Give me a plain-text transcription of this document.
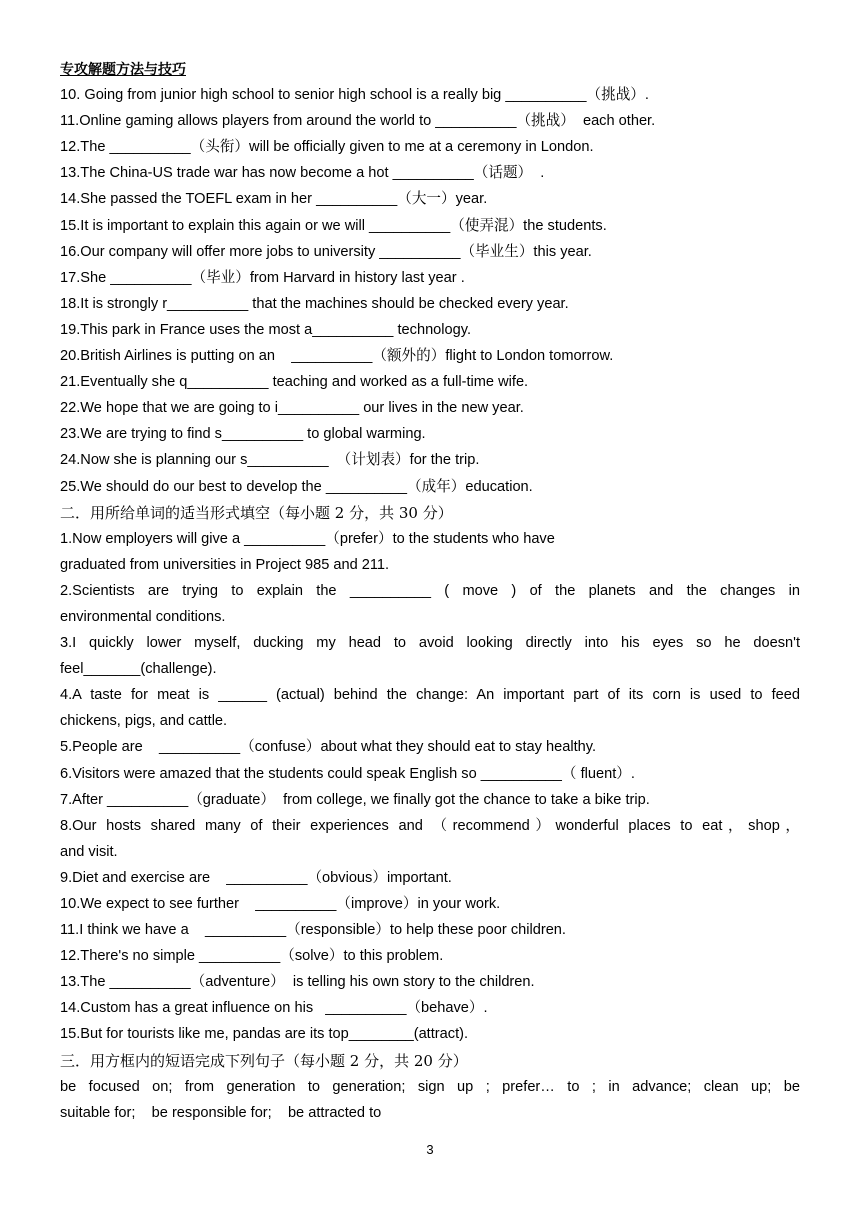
专攻解题方法与技巧
10. Going from junior high school to senior high school is a really big __________（挑战）.
11.Online gaming allows players from around the world to __________（挑战）  each other.
12.The __________（头衔）will be officially given to me at a ceremony in London.
13.The China-US trade war has now become a hot __________（话题）  .
14.She passed the TOEFL exam in her __________（大一）year.
15.It is important to explain this again or we will __________（使弄混）the students.
16.Our company will offer more jobs to university __________（毕业生）this year.
17.She __________（毕业）from Harvard in history last year .
18.It is strongly r__________ that the machines should be checked every year.
19.This park in France uses the most a__________ technology.
20.British Airlines is putting on an    __________（额外的）flight to London tomorrow.
21.Eventually she q__________ teaching and worked as a full-time wife.
22.We hope that we are going to i__________ our lives in the new year.
23.We are trying to find s__________ to global warming.
24.Now she is planning our s__________  （计划表）for the trip.
25.We should do our best to develop the __________（成年）education.
二．用所给单词的适当形式填空（每小题 2 分，共 30 分）
1.Now employers will give a __________（prefer）to the students who have
graduated from universities in Project 985 and 211.
2.Scientists are trying to explain the __________ ( move ) of the planets and the changes in
environmental conditions.
3.I quickly lower myself, ducking my head to avoid looking directly into his eyes so he doesn't
feel_______(challenge).
4.A taste for meat is ______ (actual) behind the change: An important part of its corn is used to feed
chickens, pigs, and cattle.
5.People are    __________（confuse）about what they should eat to stay healthy.
6.Visitors were amazed that the students could speak English so __________（ fluent）.
7.After __________（graduate）  from college, we finally got the chance to take a bike trip.
8.Our hosts shared many of their experiences and （recommend）wonderful places to eat，shop，
and visit.
9.Diet and exercise are    __________（obvious）important.
10.We expect to see further    __________（improve）in your work.
11.I think we have a    __________（responsible）to help these poor children.
12.There's no simple __________（solve）to this problem.
13.The __________（adventure）  is telling his own story to the children.
14.Custom has a great influence on his   __________（behave）.
15.But for tourists like me, pandas are its top________(attract).
三．用方框内的短语完成下列句子（每小题 2 分，共 20 分）
be focused on; from generation to generation; sign up ; prefer… to ; in advance; clean up; be
suitable for;    be responsible for;    be attracted to
3
